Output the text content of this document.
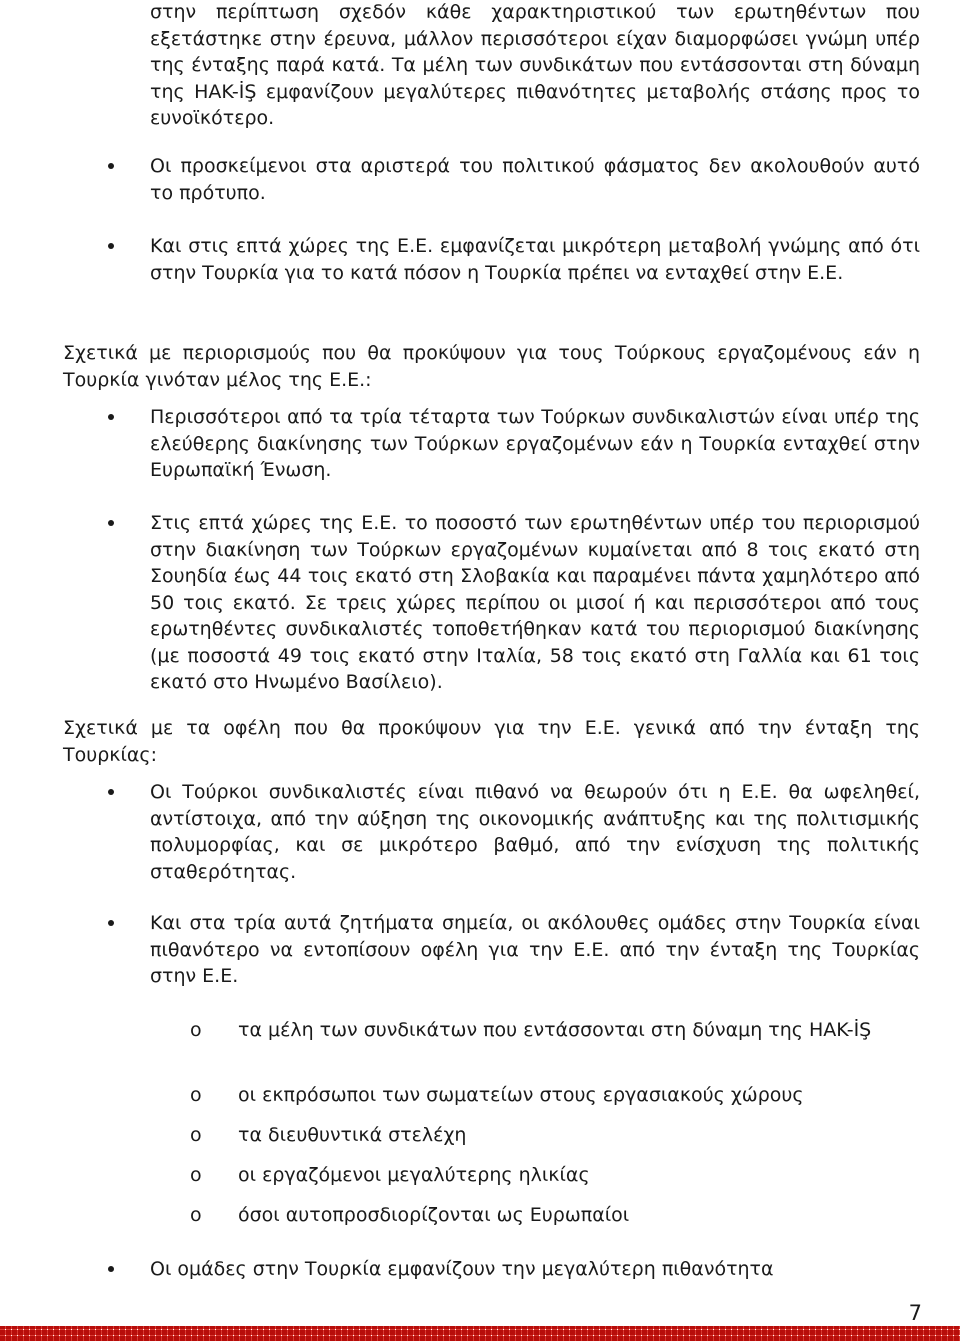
στην περίπτωση σχεδόν κάθε χαρακτηριστικού των ερωτηθέντων που εξετάστηκε στην έρευνα, μάλλον περισσότεροι είχαν διαμορφώσει γνώμη υπέρ της ένταξης παρά κατά. Τα μέλη των συνδικάτων που εντάσσονται στη δύναμη της HAK-İŞ εμφανίζουν μεγαλύτερες πιθανότητες μεταβολής στάσης προς το ευνοϊκότερο.
Οι προσκείμενοι στα αριστερά του πολιτικού φάσματος δεν ακολουθούν αυτό το πρότυπο.
Και στις επτά χώρες της Ε.Ε. εμφανίζεται μικρότερη μεταβολή γνώμης από ότι στην Τουρκία για το κατά πόσον η Τουρκία πρέπει να ενταχθεί στην Ε.Ε.
Σχετικά με περιορισμούς που θα προκύψουν για τους Τούρκους εργαζομένους εάν η Τουρκία γινόταν μέλος της Ε.Ε.:
Περισσότεροι από τα τρία τέταρτα των Τούρκων συνδικαλιστών είναι υπέρ της ελεύθερης διακίνησης των Τούρκων εργαζομένων εάν η Τουρκία ενταχθεί στην Ευρωπαϊκή Ένωση.
Στις επτά χώρες της Ε.Ε. το ποσοστό των ερωτηθέντων υπέρ του περιορισμού στην διακίνηση των Τούρκων εργαζομένων κυμαίνεται από 8 τοις εκατό στη Σουηδία έως 44 τοις εκατό στη Σλοβακία και παραμένει πάντα χαμηλότερο από 50 τοις εκατό. Σε τρεις χώρες περίπου οι μισοί ή και περισσότεροι από τους ερωτηθέντες συνδικαλιστές τοποθετήθηκαν κατά του περιορισμού διακίνησης (με ποσοστά 49 τοις εκατό στην Ιταλία, 58 τοις εκατό στη Γαλλία και 61 τοις εκατό στο Ηνωμένο Βασίλειο).
Σχετικά με τα οφέλη που θα προκύψουν για την Ε.Ε. γενικά από την ένταξη της Τουρκίας:
Οι Τούρκοι συνδικαλιστές είναι πιθανό να θεωρούν ότι η Ε.Ε. θα ωφεληθεί, αντίστοιχα, από την αύξηση της οικονομικής ανάπτυξης και της πολιτισμικής πολυμορφίας, και σε μικρότερο βαθμό, από την ενίσχυση της πολιτικής σταθερότητας.
Και στα τρία αυτά ζητήματα σημεία, οι ακόλουθες ομάδες στην Τουρκία είναι πιθανότερο να εντοπίσουν οφέλη για την Ε.Ε. από την ένταξη της Τουρκίας στην Ε.Ε.
o	τα μέλη των συνδικάτων που εντάσσονται στη δύναμη της HAK-İŞ
o	οι εκπρόσωποι των σωματείων στους εργασιακούς χώρους
o	τα διευθυντικά στελέχη
o	οι εργαζόμενοι μεγαλύτερης ηλικίας
o	όσοι αυτοπροσδιορίζονται ως Ευρωπαίοι
Οι ομάδες στην Τουρκία εμφανίζουν την μεγαλύτερη πιθανότητα
7
